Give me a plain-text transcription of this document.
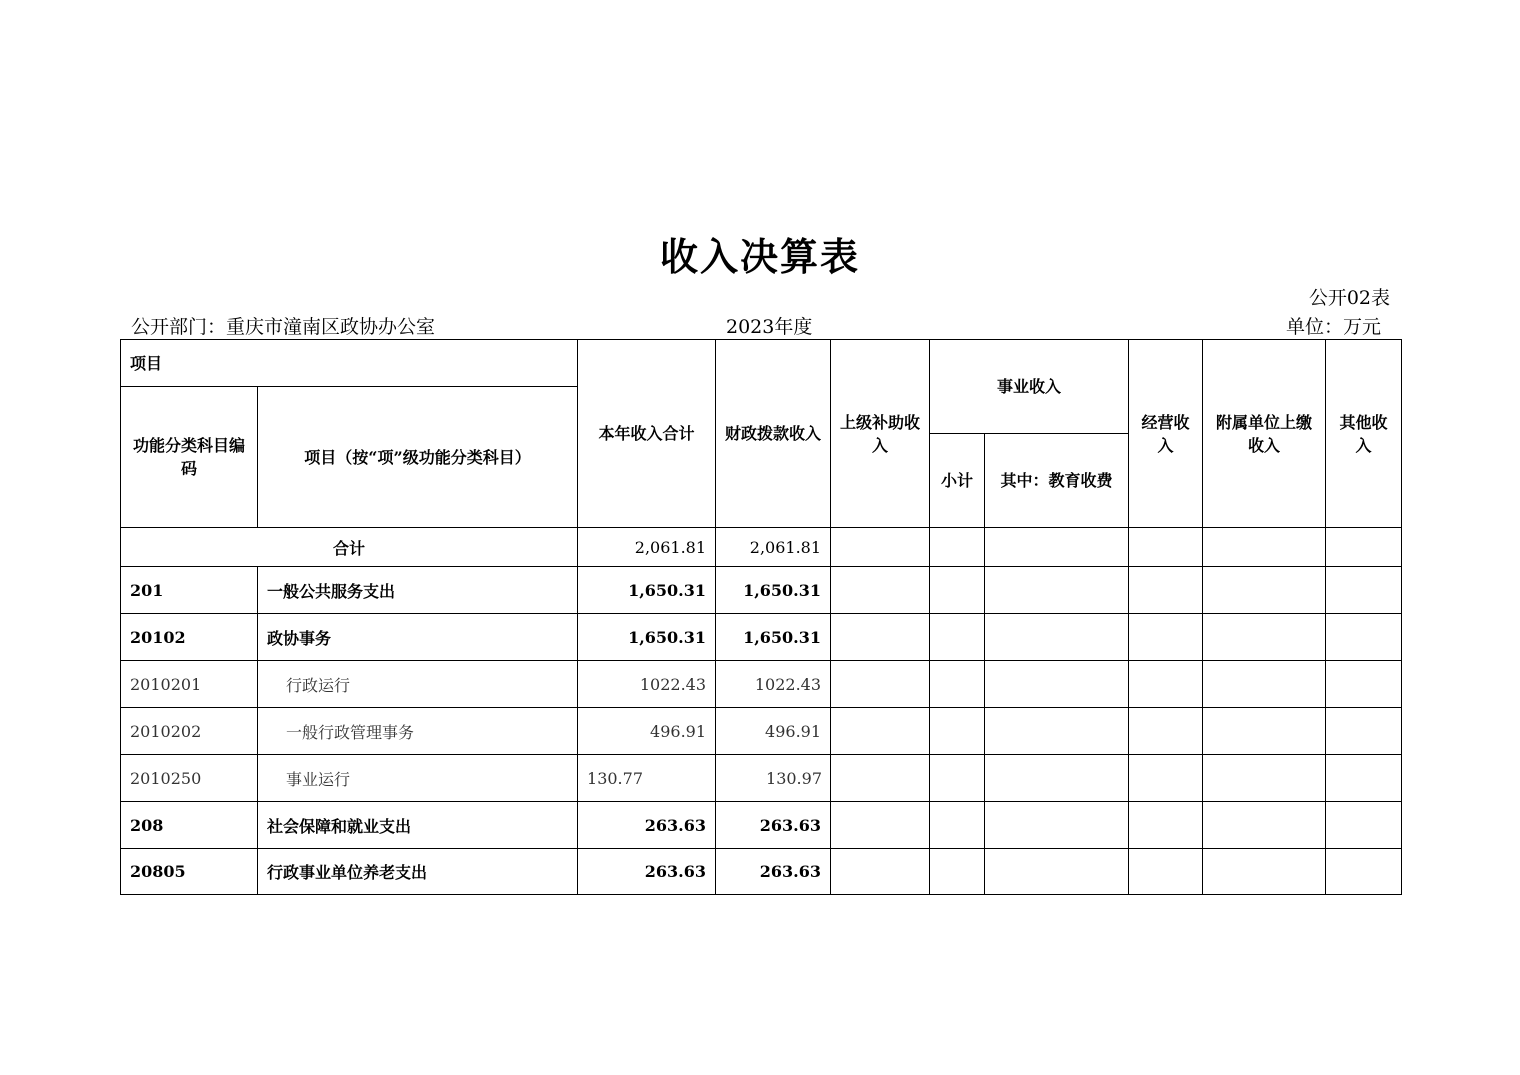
收入决算表
公开02表
公开部门：重庆市潼南区政协办公室	2023年度	单位：万元
项目		本年收入合计	财政拨款收入	上级补助收入	事业收入		经营收入	附属单位上缴收入	其他收入
功能分类科目编码	项目（按“项”级功能分类科目）								
					小计	其中：教育收费			
合计		2,061.81	2,061.81						
201	一般公共服务支出	1,650.31	1,650.31						
20102	政协事务	1,650.31	1,650.31						
2010201	行政运行	1022.43	1022.43						
2010202	一般行政管理事务	496.91	496.91						
2010250	事业运行	130.77	130.97						
208	社会保障和就业支出	263.63	263.63						
20805	行政事业单位养老支出	263.63	263.63						
